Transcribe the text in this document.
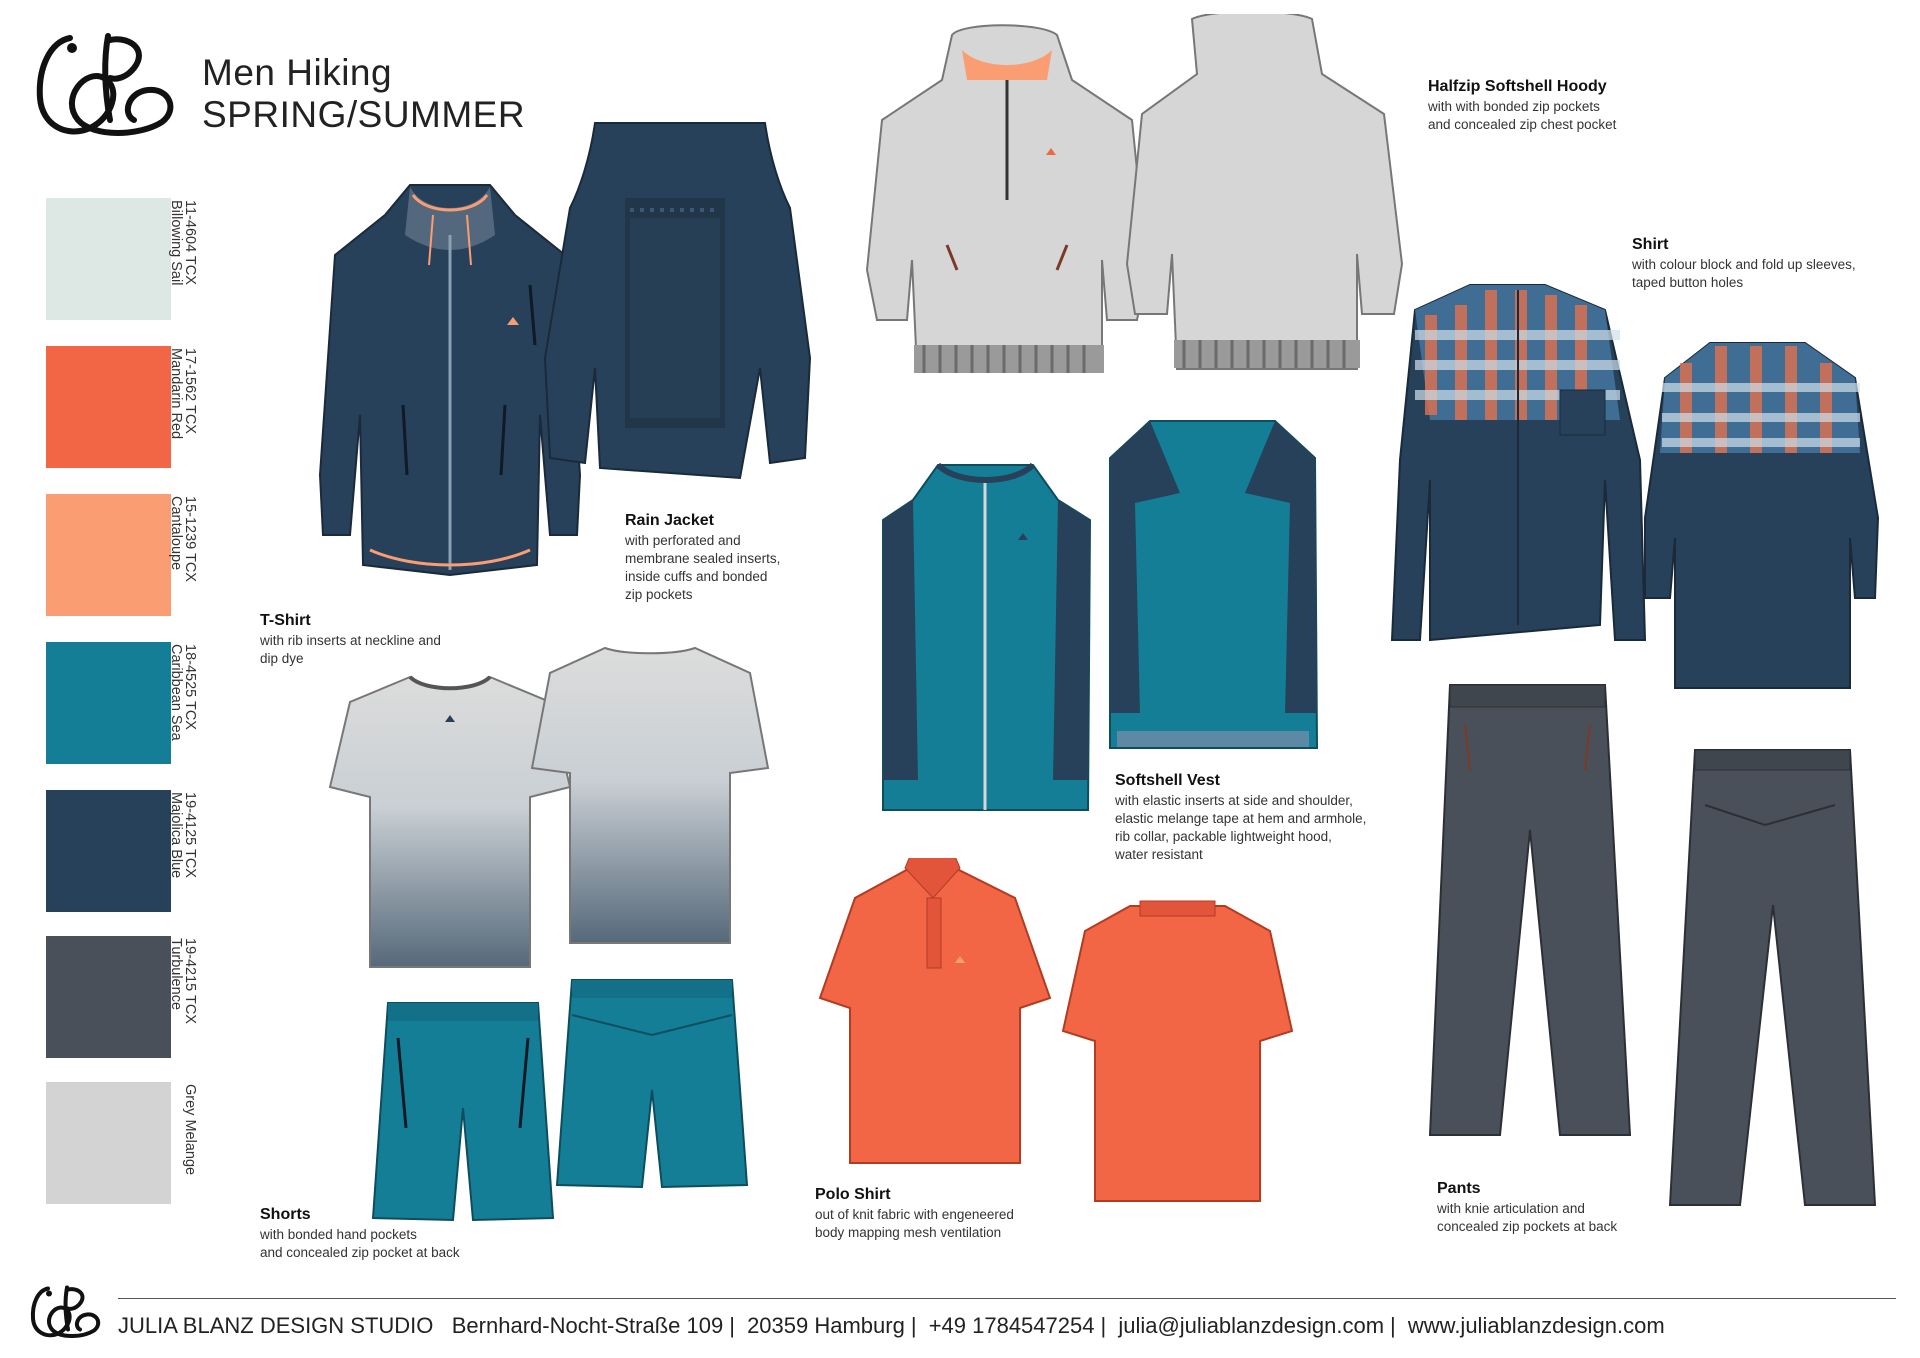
Men Hiking
SPRING/SUMMER
11-4604 TCX
Billowing Sail
17-1562 TCX
Mandarin Red
15-1239 TCX
Cantaloupe
18-4525 TCX
Caribbean Sea
19-4125 TCX
Majolica Blue
19-4215 TCX
Turbulence
Grey Melange
Rain Jacket
with perforated and
membrane sealed inserts,
inside cuffs and bonded
zip pockets
Halfzip Softshell Hoody
with with bonded zip pockets
and concealed zip chest pocket
Shirt
with colour block and fold up sleeves,
taped button holes
T-Shirt
with rib inserts at neckline and
dip dye
Softshell Vest
with elastic inserts at side and shoulder,
elastic melange tape at hem and armhole,
rib collar, packable lightweight hood,
water resistant
Shorts
with bonded hand pockets
and concealed zip pocket at back
Polo Shirt
out of knit fabric with engeneered
body mapping mesh ventilation
Pants
with knie articulation and
concealed zip pockets at back
JULIA BLANZ DESIGN STUDIO Bernhard-Nocht-Straße 109 | 20359 Hamburg | +49 1784547254 | julia@juliablanzdesign.com | www.juliablanzdesign.com
